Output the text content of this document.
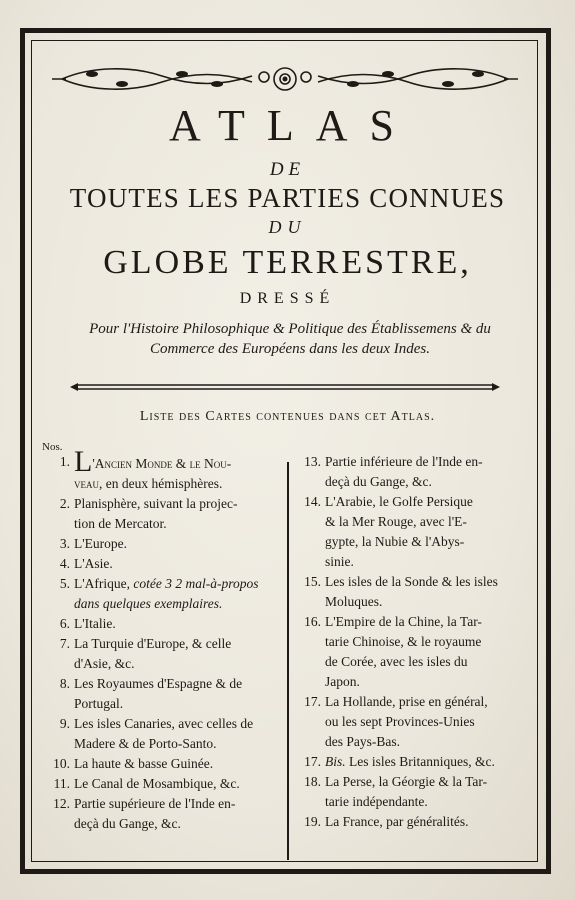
ATLAS
DE
TOUTES LES PARTIES CONNUES
DU
GLOBE TERRESTRE,
DRESSÉ
Pour l'Histoire Philosophique & Politique des Établissemens & du
Commerce des Européens dans les deux Indes.
Liste des Cartes contenues dans cet Atlas.
Nos.
1. L'Ancien Monde & le Nou-
veau, en deux hémisphères.
2. Planisphère, suivant la projec-
tion de Mercator.
3. L'Europe.
4. L'Asie.
5. L'Afrique, cotée 3 2 mal-à-propos
dans quelques exemplaires.
6. L'Italie.
7. La Turquie d'Europe, & celle
d'Asie, &c.
8. Les Royaumes d'Espagne & de
Portugal.
9. Les isles Canaries, avec celles de
Madere & de Porto-Santo.
10. La haute & basse Guinée.
11. Le Canal de Mosambique, &c.
12. Partie supérieure de l'Inde en-
deçà du Gange, &c.
13. Partie inférieure de l'Inde en-
deçà du Gange, &c.
14. L'Arabie, le Golfe Persique
& la Mer Rouge, avec l'E-
gypte, la Nubie & l'Abys-
sinie.
15. Les isles de la Sonde & les isles
Moluques.
16. L'Empire de la Chine, la Tar-
tarie Chinoise, & le royaume
de Corée, avec les isles du
Japon.
17. La Hollande, prise en général,
ou les sept Provinces-Unies
des Pays-Bas.
17. Bis. Les isles Britanniques, &c.
18. La Perse, la Géorgie & la Tar-
tarie indépendante.
19. La France, par généralités.
